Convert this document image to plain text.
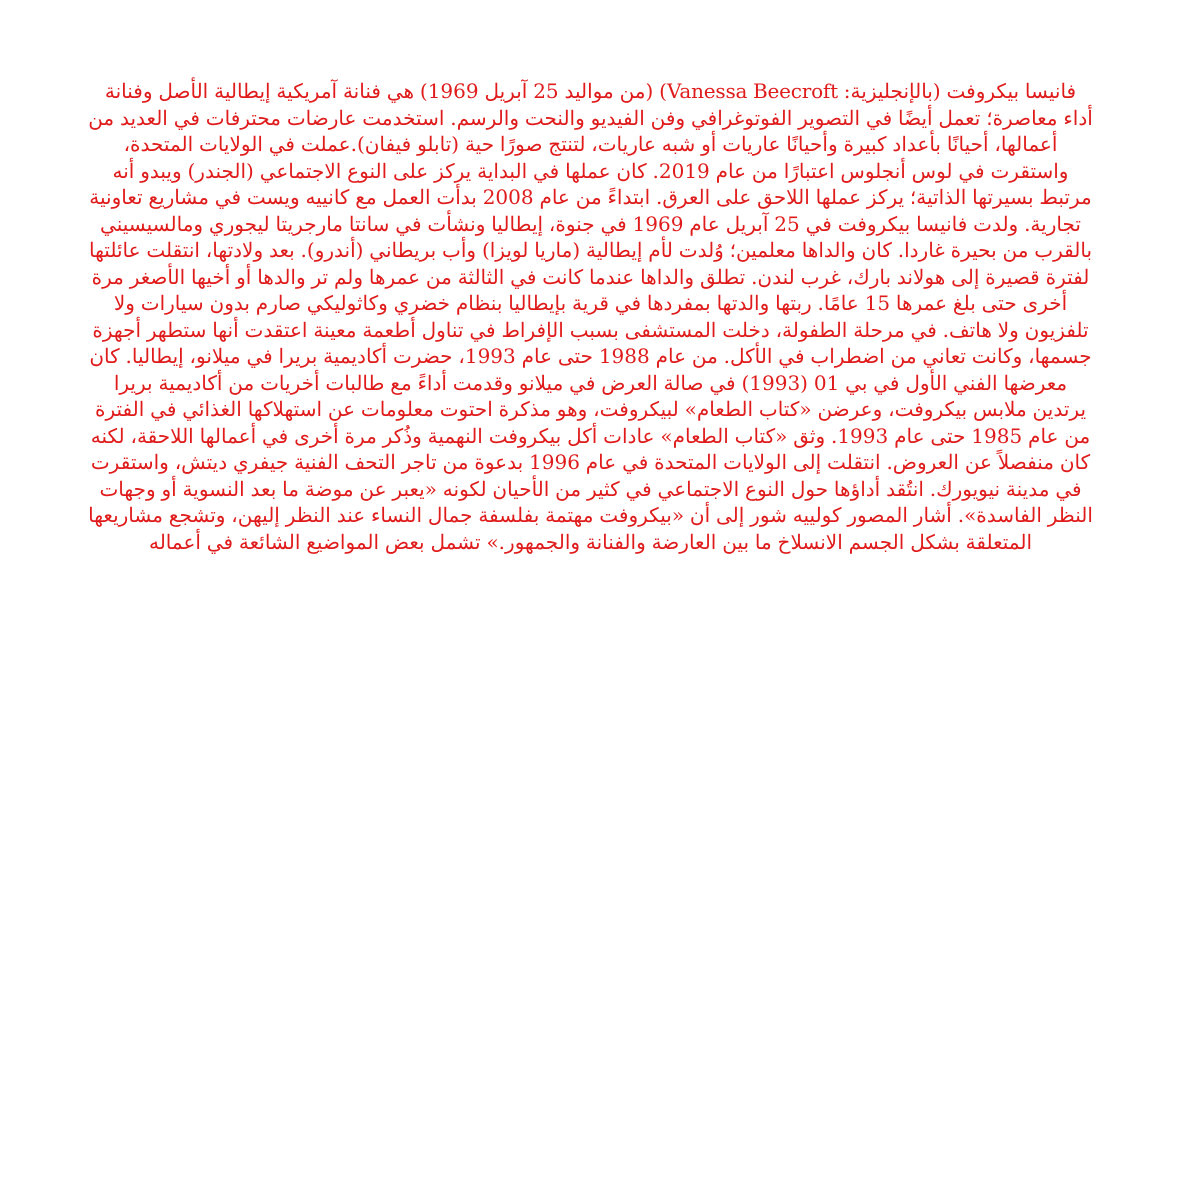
فانيسا بيكروفت (بالإنجليزية: Vanessa Beecroft) (من مواليد 25 آبريل 1969) هي فنانة آمريكية إيطالية الأصل وفنانة أداء معاصرة؛ تعمل أيضًا في التصوير الفوتوغرافي وفن الفيديو والنحت والرسم. استخدمت عارضات محترفات في العديد من أعمالها، أحيانًا بأعداد كبيرة وأحيانًا عاريات أو شبه عاريات، لتنتج صورًا حية (تابلو فيفان).عملت في الولايات المتحدة، واستقرت في لوس أنجلوس اعتبارًا من عام 2019. كان عملها في البداية يركز على النوع الاجتماعي (الجندر) ويبدو أنه مرتبط بسيرتها الذاتية؛ يركز عملها اللاحق على العرق. ابتداءً من عام 2008 بدأت العمل مع كانييه ويست في مشاريع تعاونية تجارية.

ولدت فانيسا بيكروفت في 25 آبريل عام 1969 في جنوة، إيطاليا ونشأت في سانتا مارجريتا ليجوري ومالسيسيني بالقرب من بحيرة غاردا. كان والداها معلمين؛ وُلدت لأم إيطالية (ماريا لويزا) وأب بريطاني (أندرو). بعد ولادتها، انتقلت عائلتها لفترة قصيرة إلى هولاند بارك، غرب لندن. تطلق والداها عندما كانت في الثالثة من عمرها ولم تر والدها أو أخيها الأصغر مرة أخرى حتى بلغ عمرها 15 عامًا. ربتها والدتها بمفردها في قرية بإيطاليا بنظام خضري وكاثوليكي صارم بدون سيارات ولا تلفزيون ولا هاتف. في مرحلة الطفولة، دخلت المستشفى بسبب الإفراط في تناول أطعمة معينة اعتقدت أنها ستطهر أجهزة جسمها، وكانت تعاني من اضطراب في الأكل. من عام 1988 حتى عام 1993، حضرت أكاديمية بريرا في ميلانو، إيطاليا. كان معرضها الفني الأول في بي 01 (1993) في صالة العرض في ميلانو وقدمت أداءً مع طالبات أخريات من أكاديمية بريرا يرتدين ملابس بيكروفت، وعرضن «كتاب الطعام» لبيكروفت، وهو مذكرة احتوت معلومات عن استهلاكها الغذائي في الفترة من عام 1985 حتى عام 1993. وثق «كتاب الطعام» عادات أكل بيكروفت النهمية وذُكر مرة أخرى في أعمالها اللاحقة، لكنه كان منفصلاً عن العروض. انتقلت إلى الولايات المتحدة في عام 1996 بدعوة من تاجر التحف الفنية جيفري ديتش، واستقرت في مدينة نيويورك. انتُقد أداؤها حول النوع الاجتماعي في كثير من الأحيان لكونه «يعبر عن موضة ما بعد النسوية أو وجهات النظر الفاسدة». أشار المصور كولييه شور إلى أن «بيكروفت مهتمة بفلسفة جمال النساء عند النظر إليهن، وتشجع مشاريعها المتعلقة بشكل الجسم الانسلاخ ما بين العارضة والفنانة والجمهور.» تشمل بعض المواضيع الشائعة في أعماله
